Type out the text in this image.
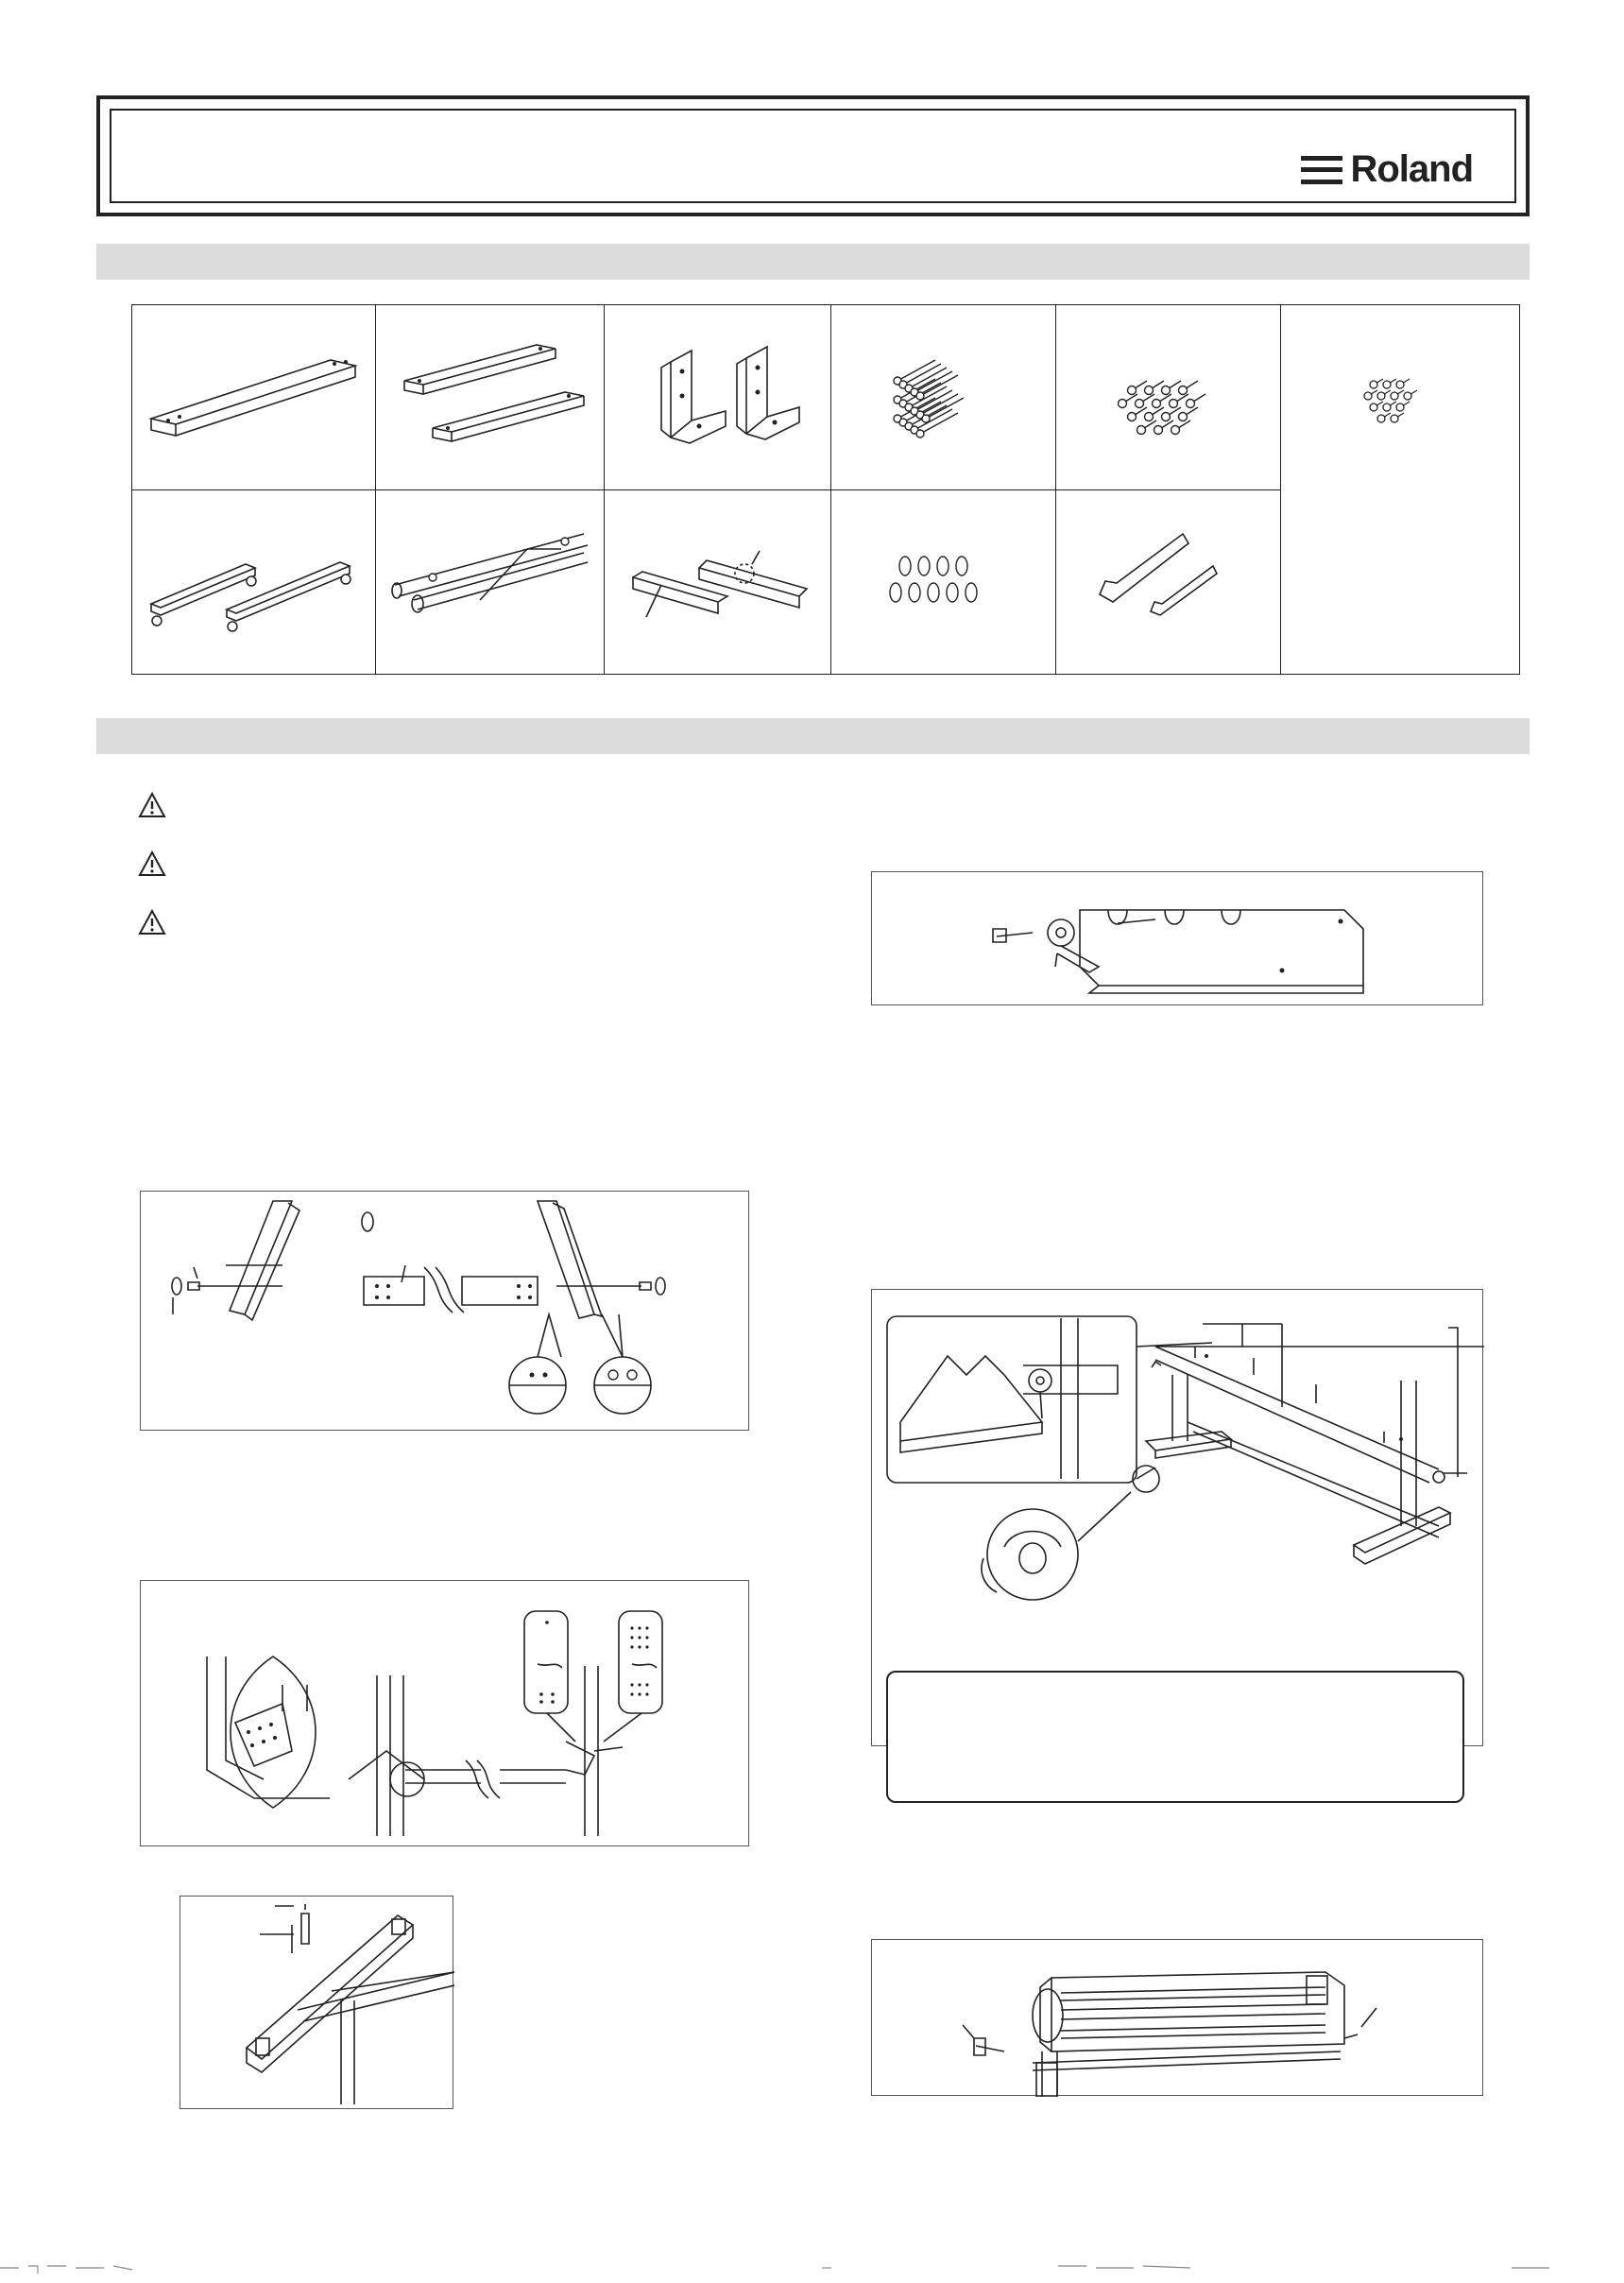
Roland
